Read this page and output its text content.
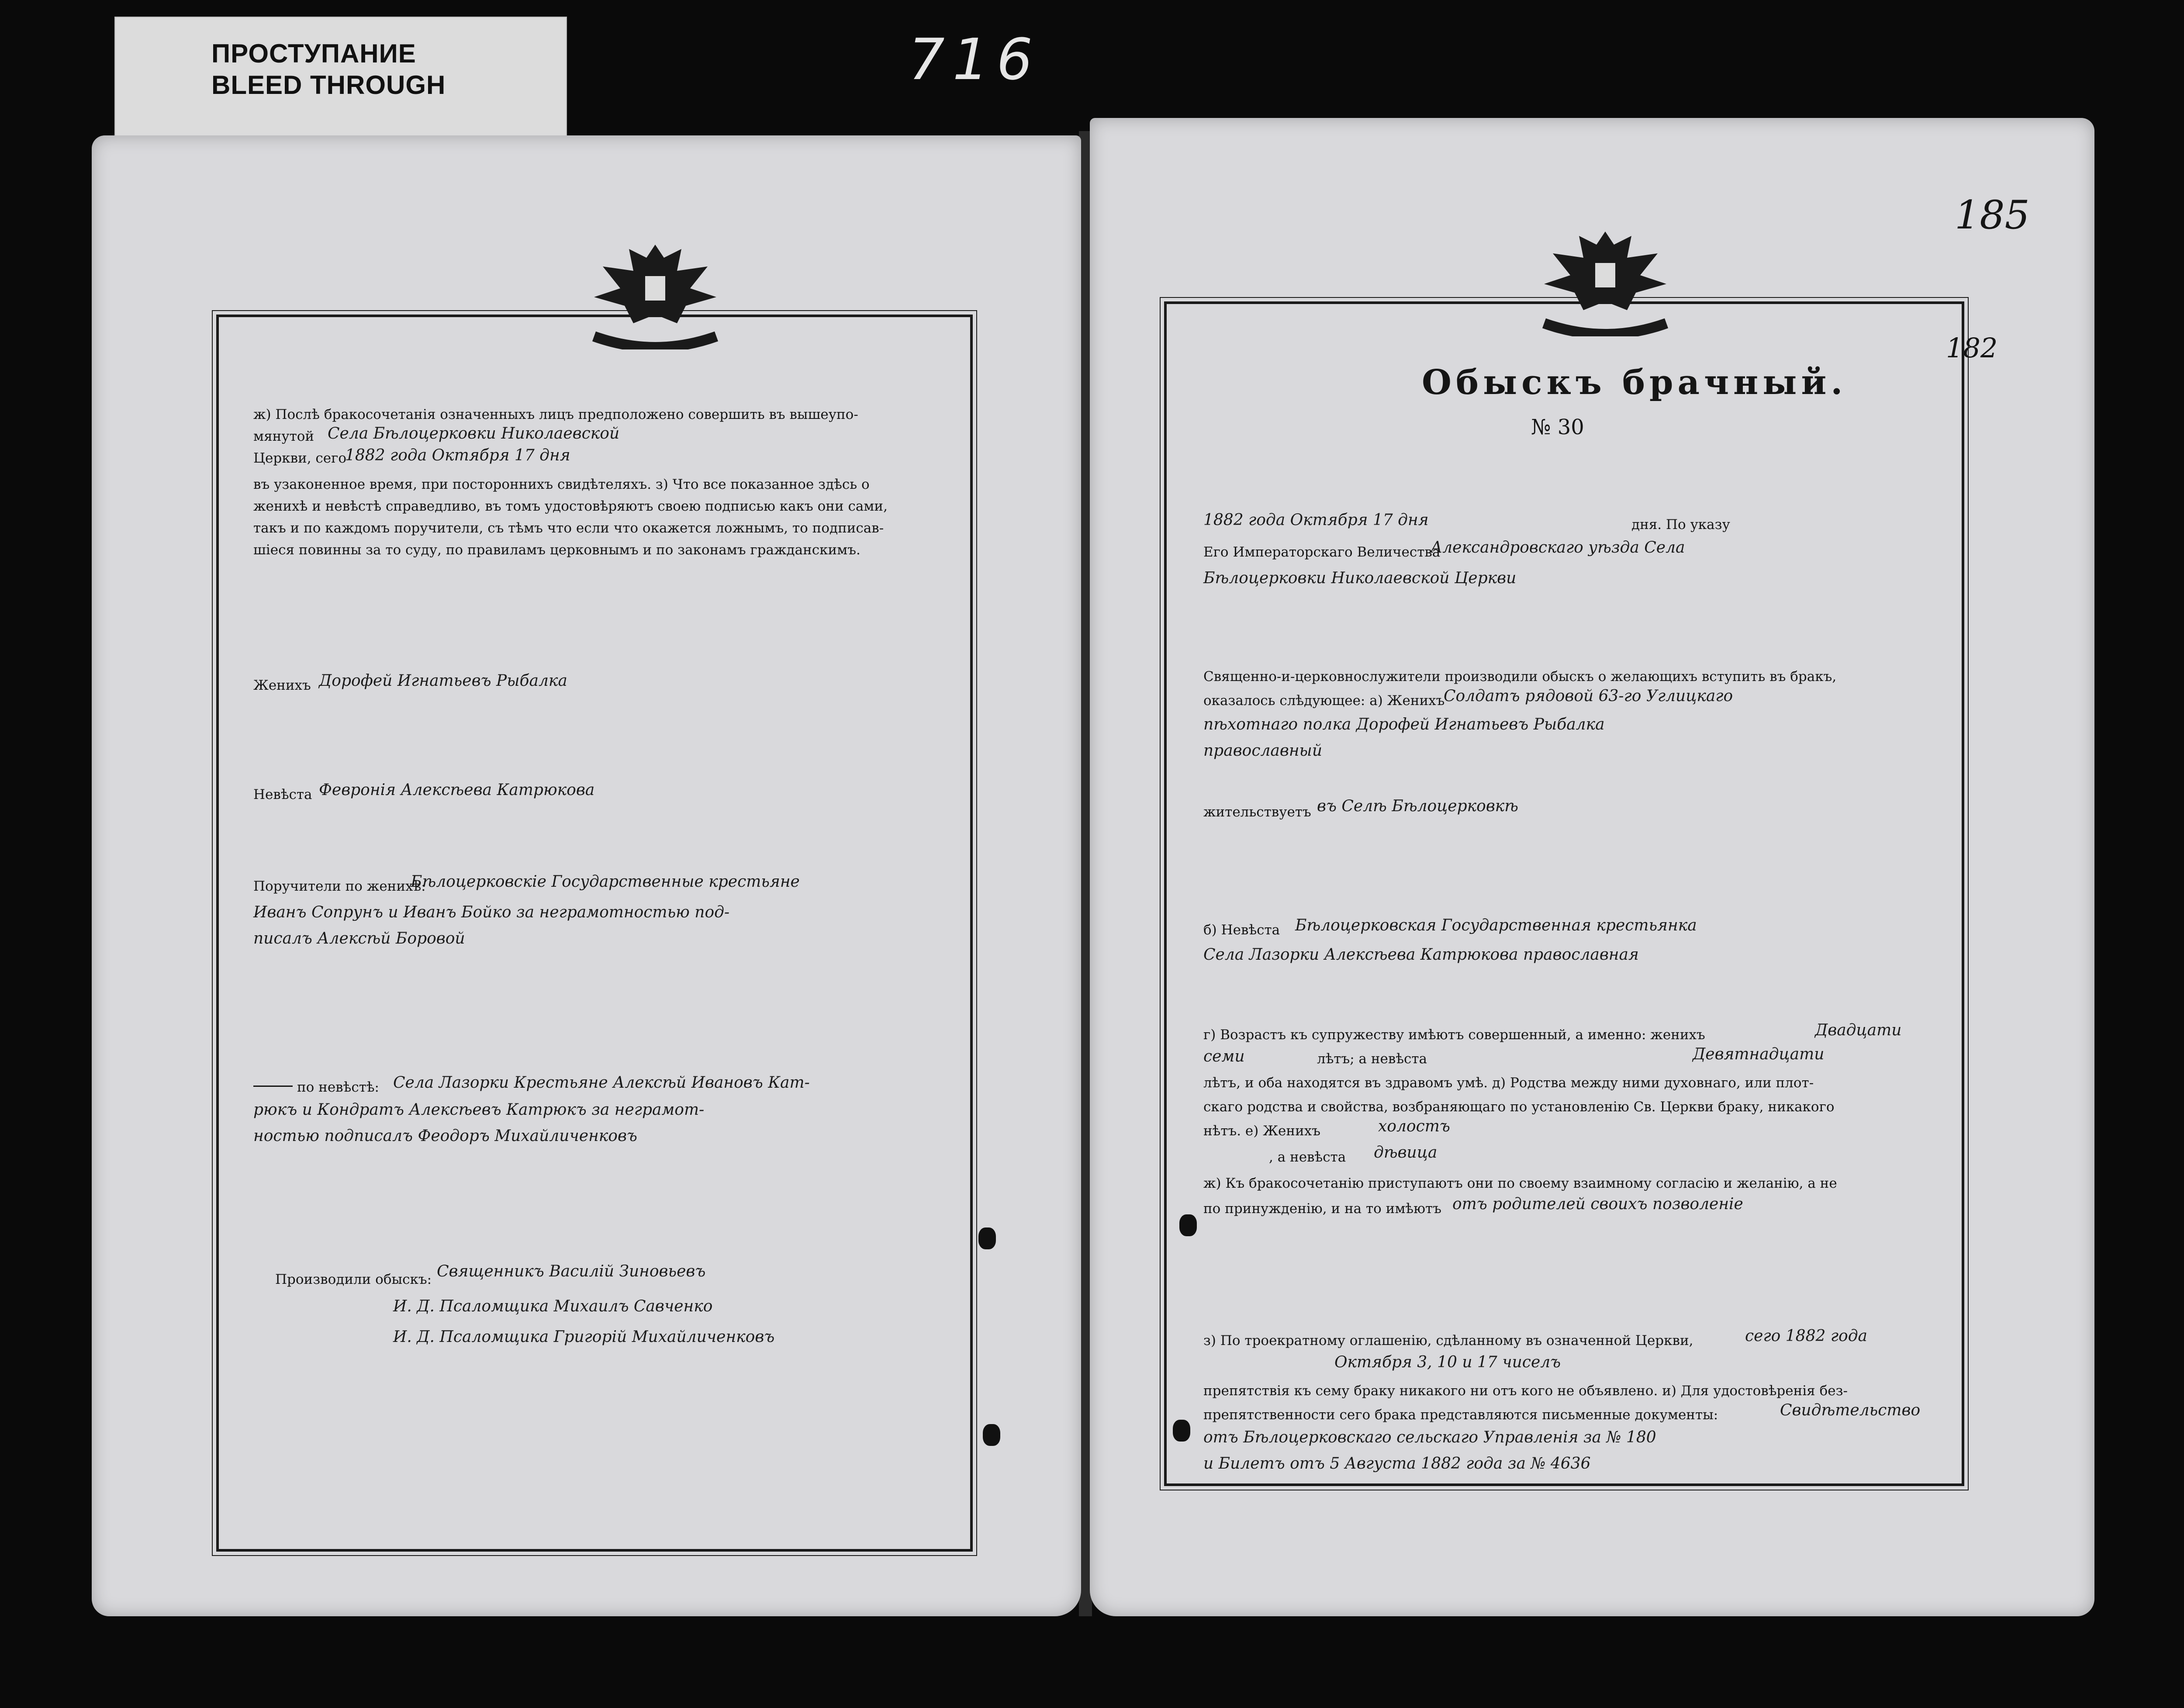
ПРОСТУПАНИЕ
BLEED THROUGH	716
ж) Послѣ бракосочетанія означенныхъ лицъ предположено совершить въ вышеупо-
мянутой Села Бѣлоцерковки Николаевской
Церкви, сего
1882 года Октября 17 дня
въ узаконенное время, при постороннихъ свидѣтеляхъ. з) Что все показанное здѣсь о
женихѣ и невѣстѣ справедливо, въ томъ удостовѣряютъ своею подписью какъ они сами,
такъ и по каждомъ поручители, съ тѣмъ что если что окажется ложнымъ, то подписав-
шіеся повинны за то суду, по правиламъ церковнымъ и по законамъ гражданскимъ.
Женихъ Дорофей Игнатьевъ Рыбалка
Невѣста Февронія Алексѣева Катрюкова
Поручители по женихѣ:
Бѣлоцерковскіе Государственные крестьяне
Иванъ Сопрунъ и Иванъ Бойко за неграмотностью под-
писалъ Алексѣй Боровой
по невѣстѣ: Села Лазорки Крестьяне Алексѣй Ивановъ Кат-
рюкъ и Кондратъ Алексѣевъ Катрюкъ за неграмот-
ностью подписалъ Феодоръ Михайличенковъ
Производили обыскъ: Священникъ Василій Зиновьевъ
И. Д. Псаломщика Михаилъ Савченко
И. Д. Псаломщика Григорій Михайличенковъ
185
182
Обыскъ брачный.
№ 30
1882 года Октября 17 дня	дня. По указу
Его Императорскаго Величества
Александровскаго уѣзда Села
Бѣлоцерковки Николаевской Церкви
Священно-и-церковнослужители производили обыскъ о желающихъ вступить въ бракъ,
оказалось слѣдующее: а) Женихъ
Солдатъ рядовой 63-го Углицкаго
пѣхотнаго полка Дорофей Игнатьевъ Рыбалка
православный
жительствуетъ въ Селѣ Бѣлоцерковкѣ
б) Невѣста Бѣлоцерковская Государственная крестьянка
Села Лазорки Алексѣева Катрюкова православная
г) Возрастъ къ супружеству имѣютъ совершенный, а именно: женихъ	Двадцати
семи	лѣтъ; а невѣста	Девятнадцати
лѣтъ, и оба находятся въ здравомъ умѣ. д) Родства между ними духовнаго, или плот-
скаго родства и свойства, возбраняющаго по установленію Св. Церкви браку, никакого
нѣтъ. е) Женихъ	холостъ
, а невѣста дѣвица
ж) Къ бракосочетанію приступаютъ они по своему взаимному согласію и желанію, а не
по принужденію, и на то имѣютъ отъ родителей своихъ позволеніе
з) По троекратному оглашенію, сдѣланному въ означенной Церкви,	сего 1882 года
Октября 3, 10 и 17 чиселъ
препятствія къ сему браку никакого ни отъ кого не объявлено. и) Для удостовѣренія без-
препятственности сего брака представляются письменные документы:	Свидѣтельство
отъ Бѣлоцерковскаго сельскаго Управленія за № 180
и Билетъ отъ 5 Августа 1882 года за № 4636
